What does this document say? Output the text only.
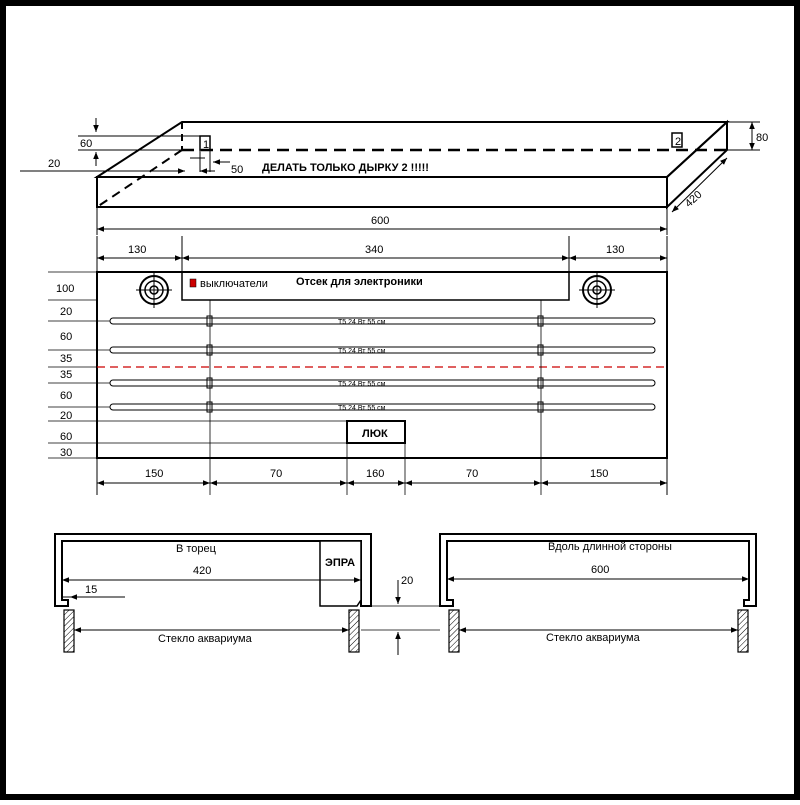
60
20	50
1	2
ДЕЛАТЬ ТОЛЬКО ДЫРКУ 2 !!!!!
80
420
600
T5 24 Вт 55 см
T5 24 Вт 55 см
T5 24 Вт 55 см
T5 24 Вт 55 см
выключатели	Отсек для электроники
ЛЮК
130	340	130
100
20
60
35
35
60
20
60
30
150	70	160	70	150
В торец
420
15
ЭПРА
Стекло аквариума
Вдоль длинной стороны
600
20
Стекло аквариума
